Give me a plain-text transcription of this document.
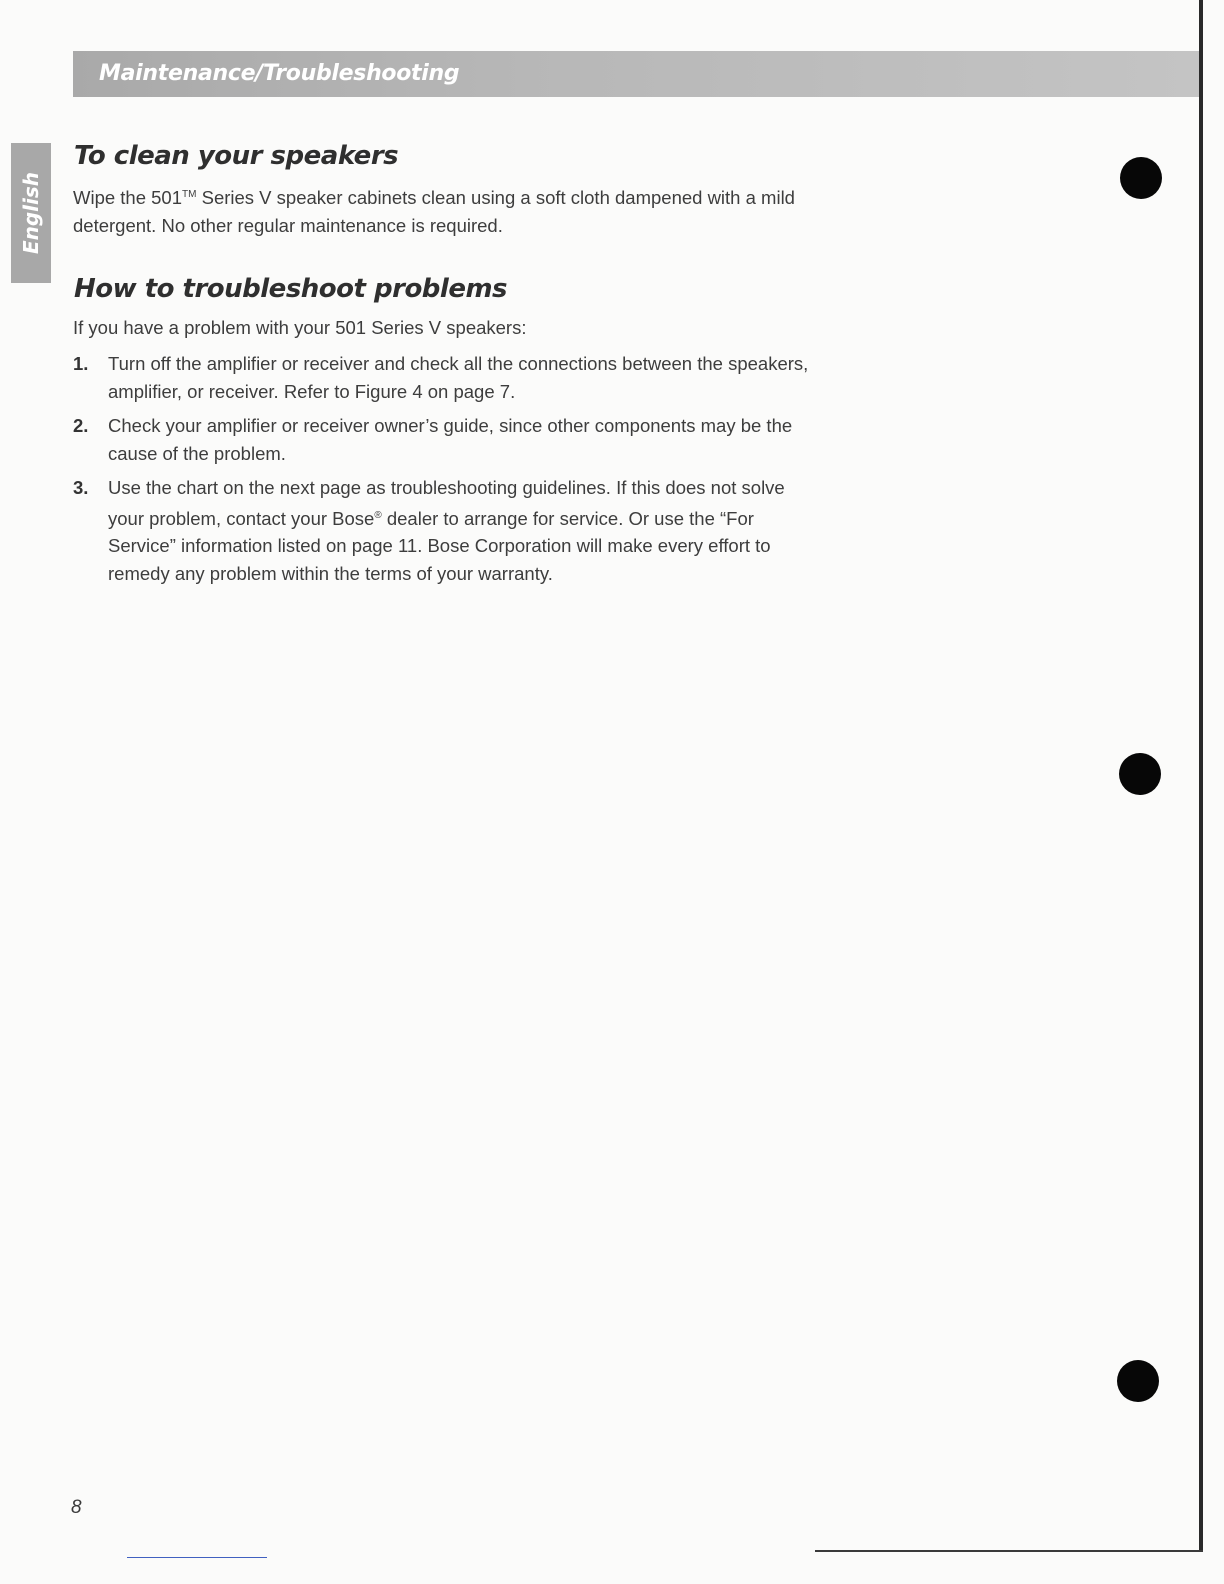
Maintenance/Troubleshooting
English
To clean your speakers

Wipe the 501™ Series V speaker cabinets clean using a soft cloth dampened with a mild detergent. No other regular maintenance is required.

How to troubleshoot problems

If you have a problem with your 501 Series V speakers:

1. Turn off the amplifier or receiver and check all the connections between the speakers, amplifier, or receiver. Refer to Figure 4 on page 7.
2. Check your amplifier or receiver owner’s guide, since other components may be the cause of the problem.
3. Use the chart on the next page as troubleshooting guidelines. If this does not solve your problem, contact your Bose® dealer to arrange for service. Or use the “For Service” information listed on page 11. Bose Corporation will make every effort to remedy any problem within the terms of your warranty.
8
